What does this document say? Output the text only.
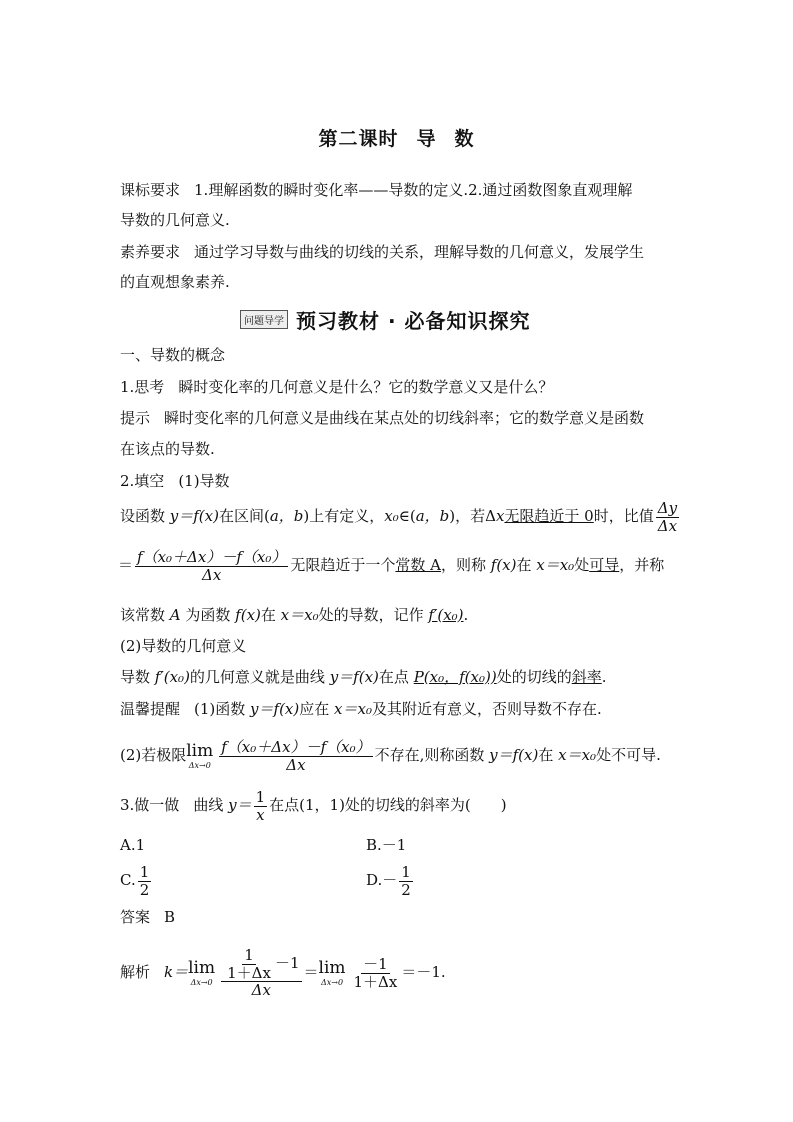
第二课时 导 数
课标要求 1.理解函数的瞬时变化率——导数的定义.2.通过函数图象直观理解
导数的几何意义.
素养要求 通过学习导数与曲线的切线的关系，理解导数的几何意义，发展学生
的直观想象素养.
问题导学 预习教材 · 必备知识探究
一、导数的概念
1.思考 瞬时变化率的几何意义是什么？它的数学意义又是什么？
提示 瞬时变化率的几何意义是曲线在某点处的切线斜率；它的数学意义是函数
在该点的导数.
2.填空 (1)导数
设函数 y＝f(x)在区间(a，b)上有定义，x₀∈(a，b)，若Δx无限趋近于 0时，比值 $\frac{\Delta y}{\Delta x}$
＝ $\frac{\text{f（x₀＋Δx）－f（x₀）}}{\Delta x}$ 无限趋近于一个常数 A，则称 f(x)在 x＝x₀处可导，并称
该常数 A 为函数 f(x)在 x＝x₀处的导数，记作 f′(x₀).
(2)导数的几何意义
导数 f′(x₀)的几何意义就是曲线 y＝f(x)在点 P(x₀，f(x₀))处的切线的斜率.
温馨提醒 (1)函数 y＝f(x)应在 x＝x₀及其附近有意义，否则导数不存在.
(2)若极限 lim
$\Delta x\to 0 \frac{\text{f（x₀＋Δx）－f（x₀）}}{\Delta x}$ 不存在,则称函数 y＝f(x)在 x＝x₀处不可导.
3.做一做 曲线 $y= \frac{1}{x}$ 在点(1，1)处的切线的斜率为(　　)
A.1	B.－1
C. $\frac{1}{2}$	$D.- \frac{1}{2}$
答案 B
解析 k＝ lim
$\Delta x\to 0 \frac{\frac{1}{1+\Delta x} -1}{\Delta x} = \lim$
$\Delta x\to 0 \frac{-1}{1+\Delta x} =-1$.
